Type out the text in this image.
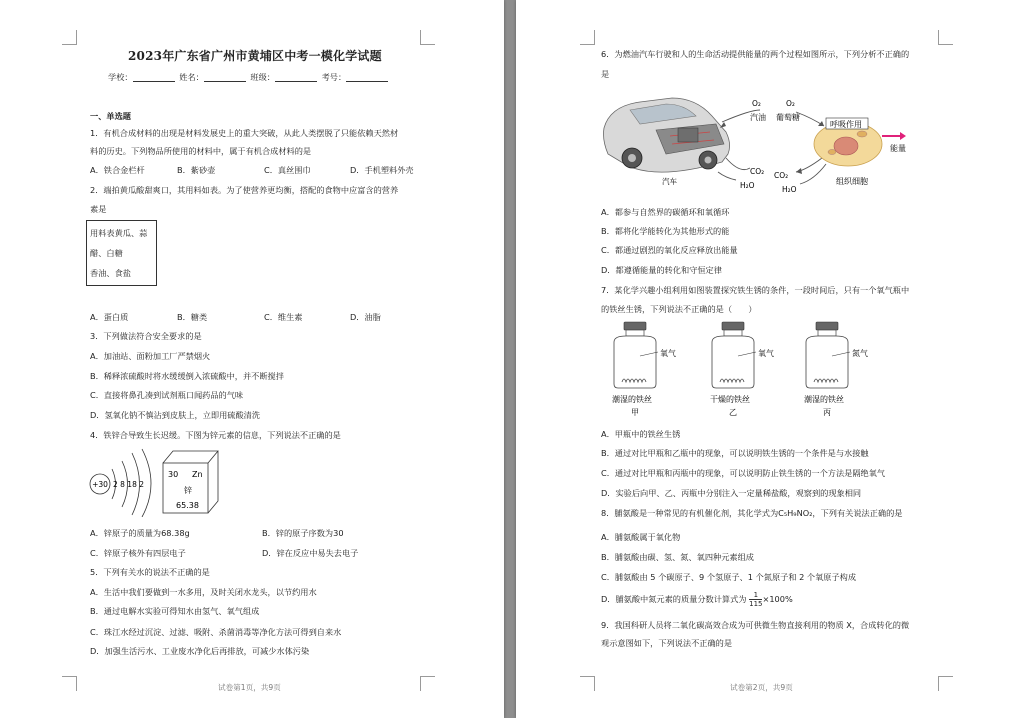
2023年广东省广州市黄埔区中考一模化学试题
学校：	姓名：	班级：	考号：
一、单选题
1．有机合成材料的出现是材料发展史上的重大突破，从此人类摆脱了只能依赖天然材
料的历史。下列物品所使用的材料中，属于有机合成材料的是
A．铁合金栏杆	B．紫砂壶	C．真丝围巾	D．手机塑料外壳
2．端拍黄瓜酸甜爽口，其用料如表。为了使营养更均衡，搭配的食物中应富含的营养
素是
用料表黄瓜、蒜
醋、白糖
香油、食盐
A．蛋白质	B．糖类	C．维生素	D．油脂
3．下列做法符合安全要求的是
A．加油站、面粉加工厂严禁烟火
B．稀释浓硫酸时将水缓缓倒入浓硫酸中，并不断搅拌
C．直接将鼻孔凑到试剂瓶口闻药品的气味
D．氢氧化钠不慎沾到皮肤上，立即用硫酸清洗
4．铁锌合导致生长迟缓。下图为锌元素的信息，下列说法不正确的是
+30 2 8 18 2
30 Zn
锌
65.38
A．锌原子的质量为68.38g	B．锌的原子序数为30
C．锌原子核外有四层电子	D．锌在反应中易失去电子
5．下列有关水的说法不正确的是
A．生活中我们要做到一水多用，及时关闭水龙头，以节约用水
B．通过电解水实验可得知水由氢气、氧气组成
C．珠江水经过沉淀、过滤、吸附、杀菌消毒等净化方法可得到自来水
D．加强生活污水、工业废水净化后再排放，可减少水体污染
试卷第1页，共9页
6．为燃油汽车行驶和人的生命活动提供能量的两个过程如图所示，下列分析不正确的
是
O₂	O₂
汽油 葡萄糖
呼吸作用
能量
CO₂ CO₂
H₂O	H₂O
汽车	组织细胞
A．都参与自然界的碳循环和氧循环
B．都将化学能转化为其他形式的能
C．都通过剧烈的氧化反应释放出能量
D．都遵循能量的转化和守恒定律
7．某化学兴趣小组利用如图装置探究铁生锈的条件，一段时间后，只有一个氧气瓶中
的铁丝生锈，下列说法不正确的是（　　）
氧气	氧气	氮气
潮湿的铁丝	干燥的铁丝	潮湿的铁丝
甲	乙	丙
A．甲瓶中的铁丝生锈
B．通过对比甲瓶和乙瓶中的现象，可以说明铁生锈的一个条件是与水接触
C．通过对比甲瓶和丙瓶中的现象，可以说明防止铁生锈的一个方法是隔绝氧气
D．实验后向甲、乙、丙瓶中分别注入一定量稀盐酸，观察到的现象相同
8．脯氨酸是一种常见的有机催化剂，其化学式为C₅H₉NO₂，下列有关说法正确的是
A．脯氨酸属于氧化物
B．脯氨酸由碳、氢、氮、氧四种元素组成
C．脯氨酸由 5 个碳原子、9 个氢原子、1 个氮原子和 2 个氧原子构成
D．脯氨酸中氮元素的质量分数计算式为 $\frac{1}{115} \times 100\%$
9．我国科研人员将二氧化碳高效合成为可供微生物直接利用的物质 X，合成转化的微
观示意图如下，下列说法不正确的是
试卷第2页，共9页
